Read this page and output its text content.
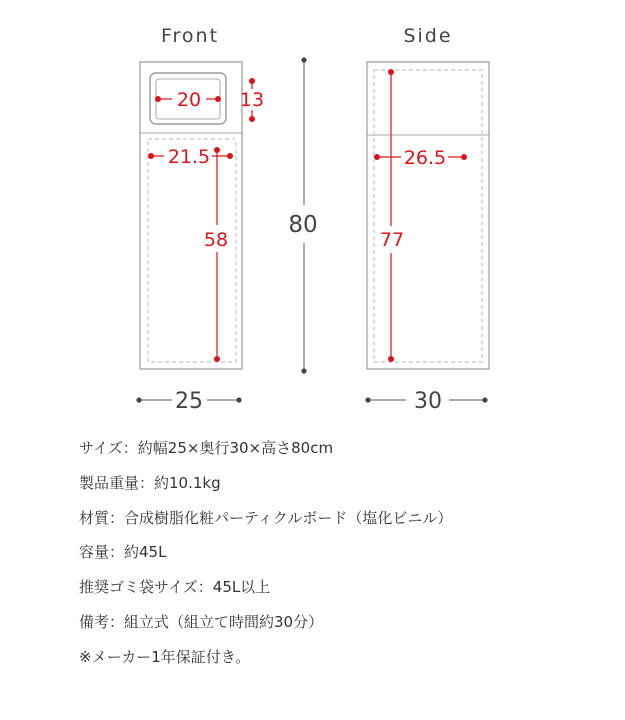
Front
20 13
21.5
58
25
80
Side
26.5
77
30
サイズ：約幅25×奥行30×高さ80cm
製品重量：約10.1kg
材質：合成樹脂化粧パーティクルボード（塩化ビニル）
容量：約45L
推奨ゴミ袋サイズ：45L以上
備考：組立式（組立て時間約30分）
※メーカー1年保証付き。
